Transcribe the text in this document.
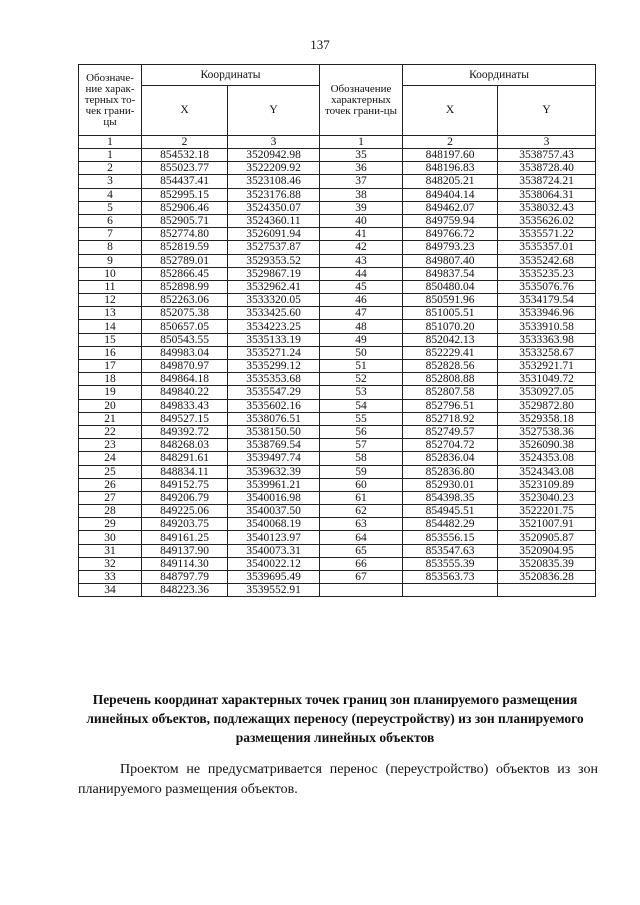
137
Обозначе-ние харак-терных то-чек грани-цы	Координаты		Обозначение характерных точек грани-цы	Координаты	
	X	Y		X	Y
1	2	3	1	2	3
1	854532.18	3520942.98	35	848197.60	3538757.43
2	855023.77	3522209.92	36	848196.83	3538728.40
3	854437.41	3523108.46	37	848205.21	3538724.21
4	852995.15	3523176.88	38	849404.14	3538064.31
5	852906.46	3524350.07	39	849462.07	3538032.43
6	852905.71	3524360.11	40	849759.94	3535626.02
7	852774.80	3526091.94	41	849766.72	3535571.22
8	852819.59	3527537.87	42	849793.23	3535357.01
9	852789.01	3529353.52	43	849807.40	3535242.68
10	852866.45	3529867.19	44	849837.54	3535235.23
11	852898.99	3532962.41	45	850480.04	3535076.76
12	852263.06	3533320.05	46	850591.96	3534179.54
13	852075.38	3533425.60	47	851005.51	3533946.96
14	850657.05	3534223.25	48	851070.20	3533910.58
15	850543.55	3535133.19	49	852042.13	3533363.98
16	849983.04	3535271.24	50	852229.41	3533258.67
17	849870.97	3535299.12	51	852828.56	3532921.71
18	849864.18	3535353.68	52	852808.88	3531049.72
19	849840.22	3535547.29	53	852807.58	3530927.05
20	849833.43	3535602.16	54	852796.51	3529872.80
21	849527.15	3538076.51	55	852718.92	3529358.18
22	849392.72	3538150.50	56	852749.57	3527538.36
23	848268.03	3538769.54	57	852704.72	3526090.38
24	848291.61	3539497.74	58	852836.04	3524353.08
25	848834.11	3539632.39	59	852836.80	3524343.08
26	849152.75	3539961.21	60	852930.01	3523109.89
27	849206.79	3540016.98	61	854398.35	3523040.23
28	849225.06	3540037.50	62	854945.51	3522201.75
29	849203.75	3540068.19	63	854482.29	3521007.91
30	849161.25	3540123.97	64	853556.15	3520905.87
31	849137.90	3540073.31	65	853547.63	3520904.95
32	849114.30	3540022.12	66	853555.39	3520835.39
33	848797.79	3539695.49	67	853563.73	3520836.28
34	848223.36	3539552.91			
Перечень координат характерных точек границ зон планируемого размещения линейных объектов, подлежащих переносу (переустройству) из зон планируемого размещения линейных объектов
Проектом не предусматривается перенос (переустройство) объектов из зон планируемого размещения объектов.
